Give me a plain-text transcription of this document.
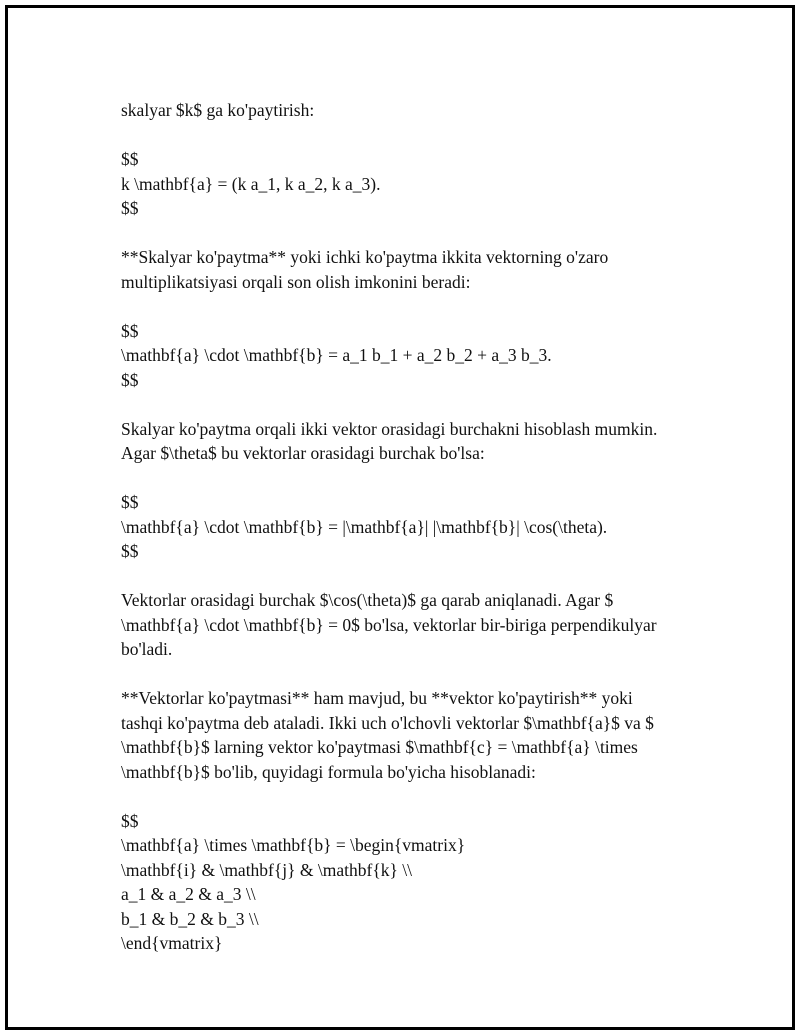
skalyar $k$ ga ko'paytirish:
$$
k \mathbf{a} = (k a_1, k a_2, k a_3).
$$
**Skalyar ko'paytma** yoki ichki ko'paytma ikkita vektorning o'zaro
multiplikatsiyasi orqali son olish imkonini beradi:
$$
\mathbf{a} \cdot \mathbf{b} = a_1 b_1 + a_2 b_2 + a_3 b_3.
$$
Skalyar ko'paytma orqali ikki vektor orasidagi burchakni hisoblash mumkin.
Agar $\theta$ bu vektorlar orasidagi burchak bo'lsa:
$$
\mathbf{a} \cdot \mathbf{b} = |\mathbf{a}| |\mathbf{b}| \cos(\theta).
$$
Vektorlar orasidagi burchak $\cos(\theta)$ ga qarab aniqlanadi. Agar $
\mathbf{a} \cdot \mathbf{b} = 0$ bo'lsa, vektorlar bir-biriga perpendikulyar
bo'ladi.
**Vektorlar ko'paytmasi** ham mavjud, bu **vektor ko'paytirish** yoki
tashqi ko'paytma deb ataladi. Ikki uch o'lchovli vektorlar $\mathbf{a}$ va $
\mathbf{b}$ larning vektor ko'paytmasi $\mathbf{c} = \mathbf{a} \times
\mathbf{b}$ bo'lib, quyidagi formula bo'yicha hisoblanadi:
$$
\mathbf{a} \times \mathbf{b} = \begin{vmatrix}
\mathbf{i} & \mathbf{j} & \mathbf{k} \\
a_1 & a_2 & a_3 \\
b_1 & b_2 & b_3 \\
\end{vmatrix}
